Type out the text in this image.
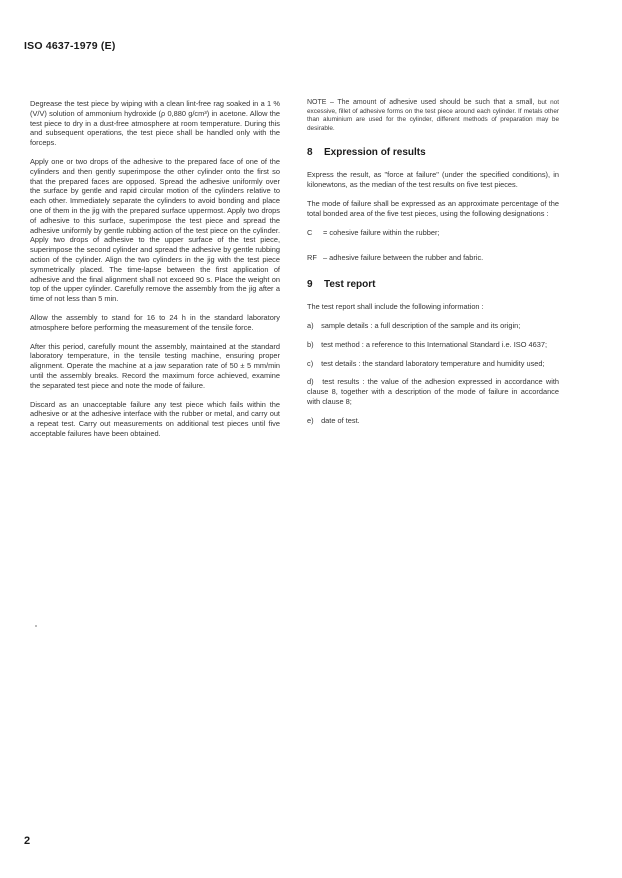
ISO 4637-1979 (E)

Degrease the test piece by wiping with a clean lint-free rag soaked in a 1 % (V/V) solution of ammonium hydroxide (ρ 0,880 g/cm³) in acetone. Allow the test piece to dry in a dust-free atmosphere at room temperature. During this and subsequent operations, the test piece shall be handled only with the forceps.

Apply one or two drops of the adhesive to the prepared face of one of the cylinders and then gently superimpose the other cylinder onto the first so that the prepared faces are opposed. Spread the adhesive uniformly over the surface by gentle and rapid circular motion of the cylinders relative to each other. Immediately separate the cylinders to avoid bonding and place one of them in the jig with the prepared surface uppermost. Apply two drops of adhesive to this surface, superimpose the test piece and spread the adhesive uniformly by gentle rubbing action of the test piece on the cylinder. Apply two drops of adhesive to the upper surface of the test piece, superimpose the second cylinder and spread the adhesive by gentle rubbing action of the cylinder. Align the two cylinders in the jig with the test piece symmetrically placed. The time-lapse between the first application of adhesive and the final alignment shall not exceed 90 s. Place the weight on top of the upper cylinder. Carefully remove the assembly from the jig after a time of not less than 5 min.

Allow the assembly to stand for 16 to 24 h in the standard laboratory atmosphere before performing the measurement of the tensile force.

After this period, carefully mount the assembly, maintained at the standard laboratory temperature, in the tensile testing machine, ensuring proper alignment. Operate the machine at a jaw separation rate of 50 ± 5 mm/min until the assembly breaks. Record the maximum force achieved, examine the separated test piece and note the mode of failure.

Discard as an unacceptable failure any test piece which fails within the adhesive or at the adhesive interface with the rubber or metal, and carry out a repeat test. Carry out measurements on additional test pieces until five acceptable failures have been obtained.

NOTE – The amount of adhesive used should be such that a small, but not excessive, fillet of adhesive forms on the test piece around each cylinder. If metals other than aluminium are used for the cylinder, different methods of preparation may be desirable.

8 Expression of results

Express the result, as "force at failure" (under the specified conditions), in kilonewtons, as the median of the test results on five test pieces.

The mode of failure shall be expressed as an approximate percentage of the total bonded area of the five test pieces, using the following designations :

C = cohesive failure within the rubber;

RF – adhesive failure between the rubber and fabric.

9 Test report

The test report shall include the following information :

a) sample details : a full description of the sample and its origin;

b) test method : a reference to this International Standard i.e. ISO 4637;

c) test details : the standard laboratory temperature and humidity used;

d) test results : the value of the adhesion expressed in accordance with clause 8, together with a description of the mode of failure in accordance with clause 8;

e) date of test.

2
